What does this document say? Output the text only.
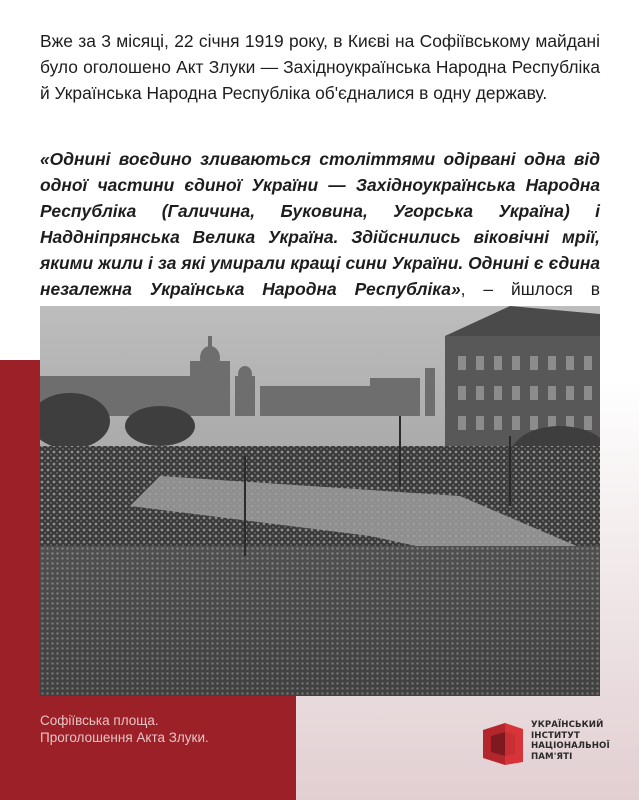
Вже за 3 місяці, 22 січня 1919 року, в Києві на Софіївському майдані було оголошено Акт Злуки — Західноукраїнська Народна Республіка й Українська Народна Республіка об'єдналися в одну державу.

«Однині воєдино зливаються століттями одірвані одна від одної частини єдиної України — Західноукраїнська Народна Республіка (Галичина, Буковина, Угорська Україна) і Наддніпрянська Велика Україна. Здійснились віковічні мрії, якими жили і за які умирали кращі сини України. Однині є єдина незалежна Українська Народна Республіка», – йшлося в

Софіївська площа.
Проголошення Акта Злуки.

УКРАЇНСЬКИЙ
ІНСТИТУТ
НАЦІОНАЛЬНОЇ
ПАМ'ЯТІ
